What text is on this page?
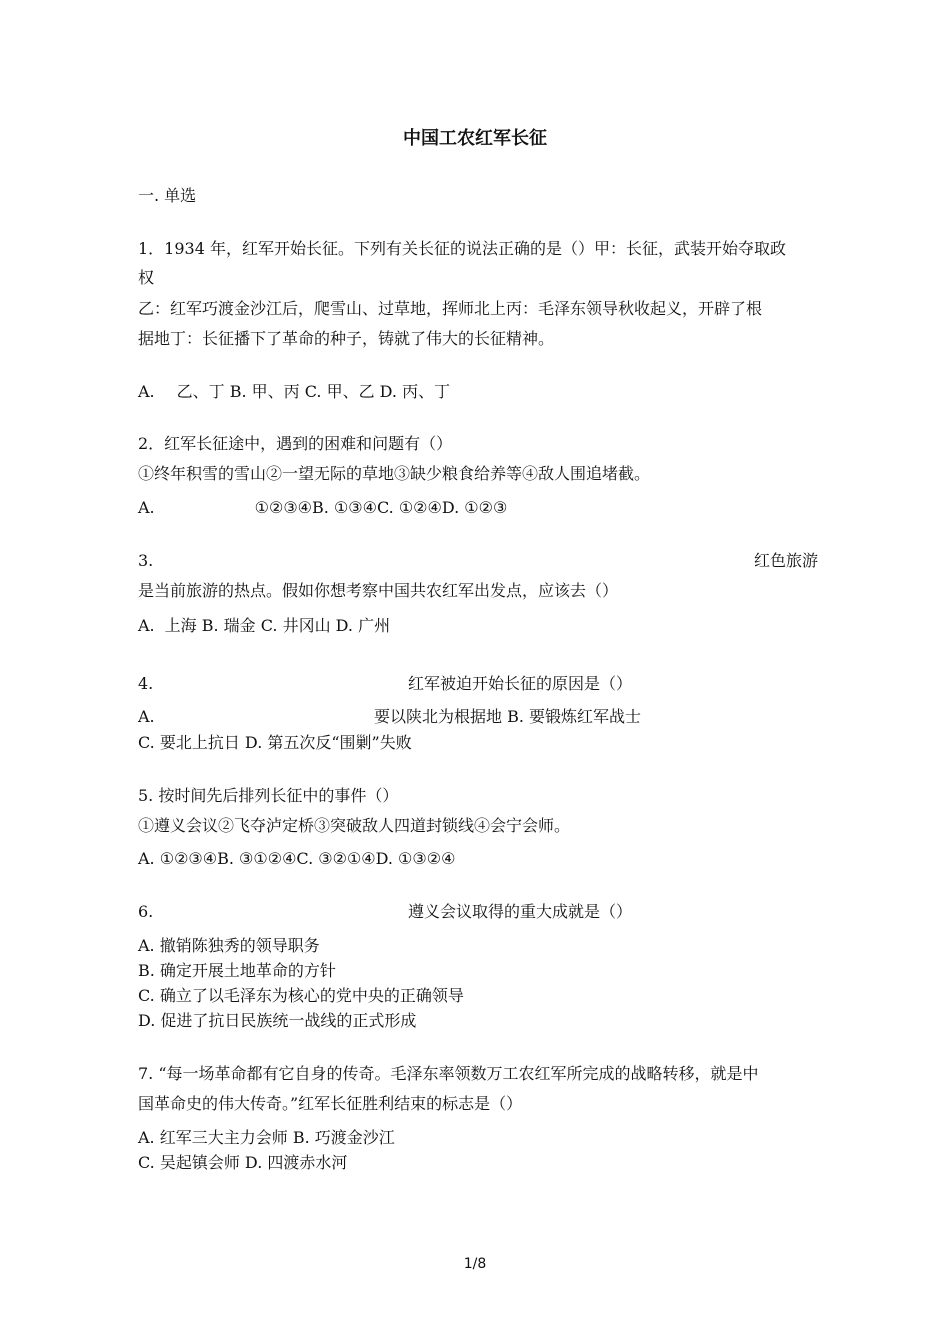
中国工农红军长征
一. 单选
1．1934 年，红军开始长征。下列有关长征的说法正确的是（）甲：长征，武装开始夺取政
权
乙：红军巧渡金沙江后，爬雪山、过草地，挥师北上丙：毛泽东领导秋收起义，开辟了根
据地丁：长征播下了革命的种子，铸就了伟大的长征精神。
A. 乙、丁 B. 甲、丙 C. 甲、乙 D. 丙、丁
2．红军长征途中，遇到的困难和问题有（）
①终年积雪的雪山②一望无际的草地③缺少粮食给养等④敌人围追堵截。
A.	①②③④B. ①③④C. ①②④D. ①②③
3.	红色旅游
是当前旅游的热点。假如你想考察中国共农红军出发点，应该去（）
A. 上海 B. 瑞金 C. 井冈山 D. 广州
4.	红军被迫开始长征的原因是（）
A.	要以陕北为根据地 B. 要锻炼红军战士
C. 要北上抗日 D. 第五次反“围剿”失败
5. 按时间先后排列长征中的事件（）
①遵义会议②飞夺泸定桥③突破敌人四道封锁线④会宁会师。
A. ①②③④B. ③①②④C. ③②①④D. ①③②④
6.	遵义会议取得的重大成就是（）
A. 撤销陈独秀的领导职务
B. 确定开展土地革命的方针
C. 确立了以毛泽东为核心的党中央的正确领导
D. 促进了抗日民族统一战线的正式形成
7. “每一场革命都有它自身的传奇。毛泽东率领数万工农红军所完成的战略转移，就是中
国革命史的伟大传奇。”红军长征胜利结束的标志是（）
A. 红军三大主力会师 B. 巧渡金沙江
C. 吴起镇会师 D. 四渡赤水河
1/8
